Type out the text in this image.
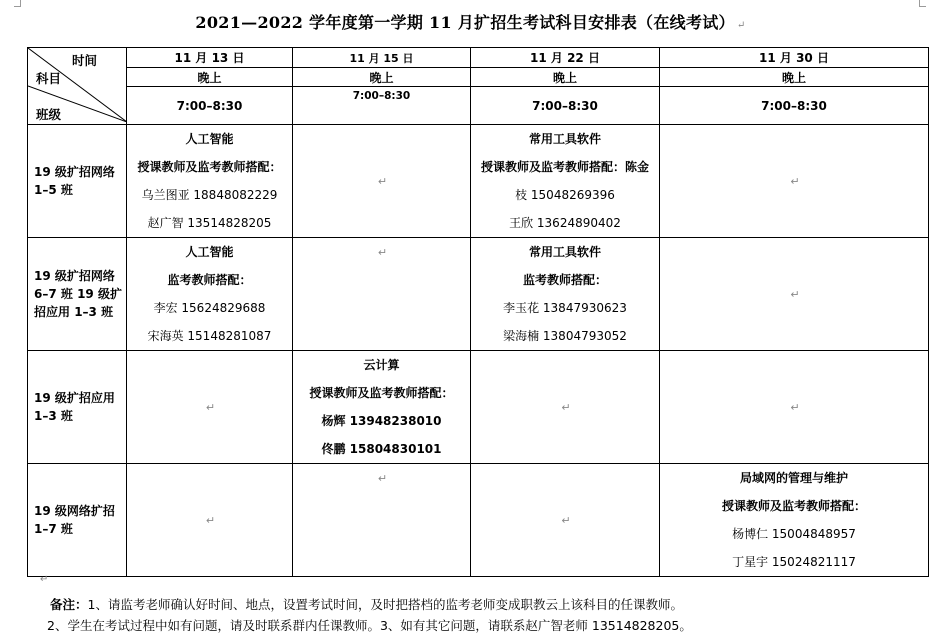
2021—2022 学年度第一学期 11 月扩招生考试科目安排表（在线考试） ↵
时间
科目
班级	11 月 13 日	11 月 15 日	11 月 22 日	11 月 30 日
	晚上	晚上	晚上	晚上
	7:00–8:30	7:00–8:30	7:00–8:30	7:00–8:30
19 级扩招网络 1–5 班	人工智能
授课教师及监考教师搭配：
乌兰图亚 18848082229
赵广智 13514828205	↵	常用工具软件
授课教师及监考教师搭配：陈金
枝 15048269396
王欣 13624890402	↵
19 级扩招网络 6–7 班 19 级扩招应用 1–3 班	人工智能
监考教师搭配：
李宏 15624829688
宋海英 15148281087	↵	常用工具软件
监考教师搭配：
李玉花 13847930623
梁海楠 13804793052	↵
19 级扩招应用 1–3 班	↵	云计算
授课教师及监考教师搭配：
杨辉 13948238010
佟鹏 15804830101	↵	↵
19 级网络扩招 1–7 班	↵	↵	↵	局域网的管理与维护
授课教师及监考教师搭配：
杨博仁 15004848957
丁星宇 15024821117
↵
备注：1、请监考老师确认好时间、地点，设置考试时间，及时把搭档的监考老师变成职教云上该科目的任课教师。
2、学生在考试过程中如有问题，请及时联系群内任课教师。3、如有其它问题，请联系赵广智老师 13514828205。
